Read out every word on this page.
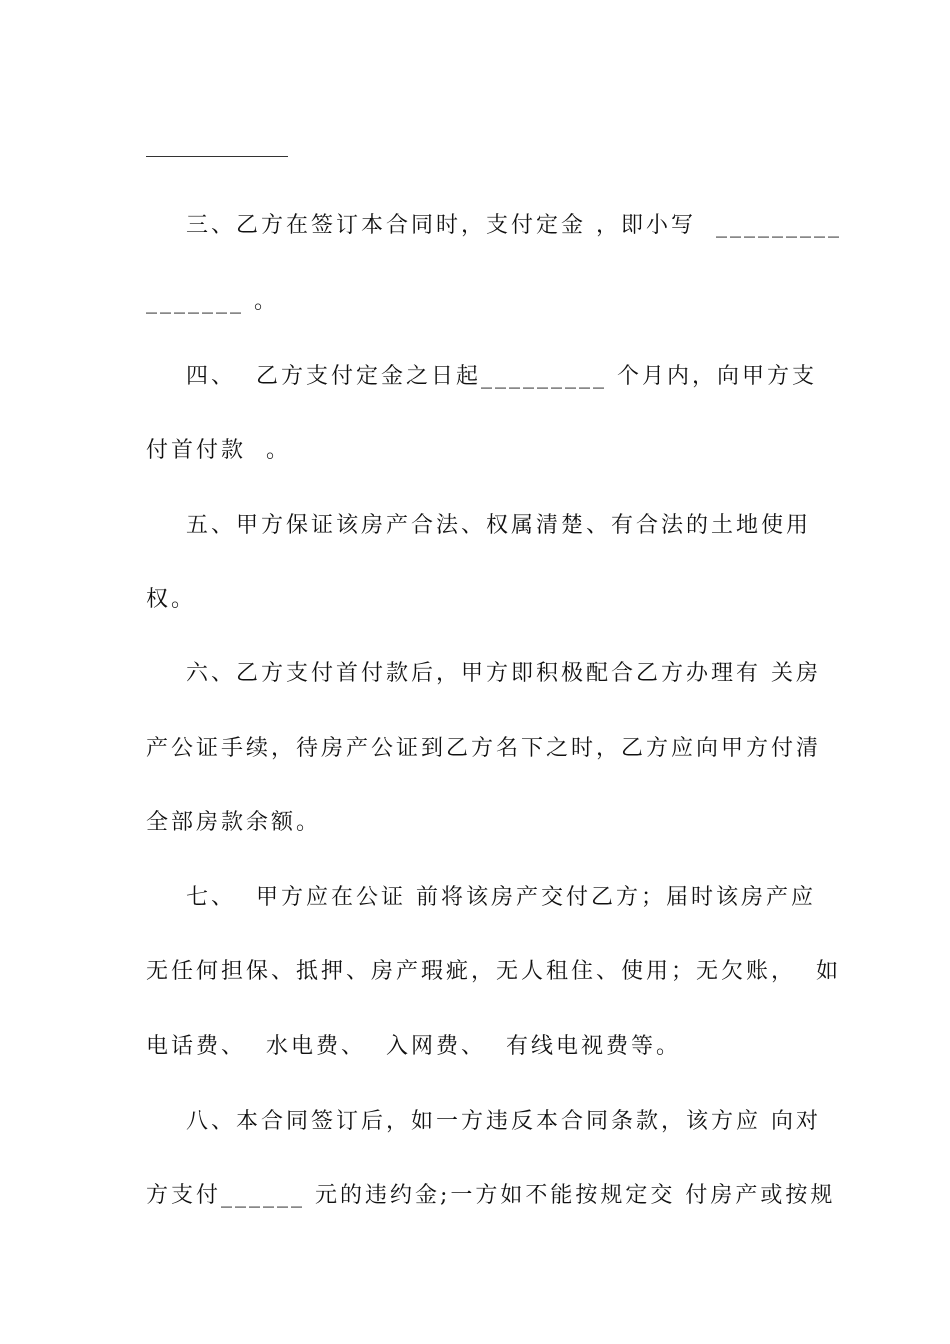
三、乙方在签订本合同时，支付定金 ，即小写  _________
_______ 。
四、  乙方支付定金之日起_________ 个月内，向甲方支
付首付款  。
五、甲方保证该房产合法、权属清楚、有合法的土地使用
权。
六、乙方支付首付款后，甲方即积极配合乙方办理有 关房
产公证手续，待房产公证到乙方名下之时，乙方应向甲方付清
全部房款余额。
七、  甲方应在公证 前将该房产交付乙方；届时该房产应
无任何担保、抵押、房产瑕疵，无人租住、使用；无欠账，  如
电话费、  水电费、  入网费、  有线电视费等。
八、本合同签订后，如一方违反本合同条款，该方应 向对
方支付______ 元的违约金;一方如不能按规定交 付房产或按规
